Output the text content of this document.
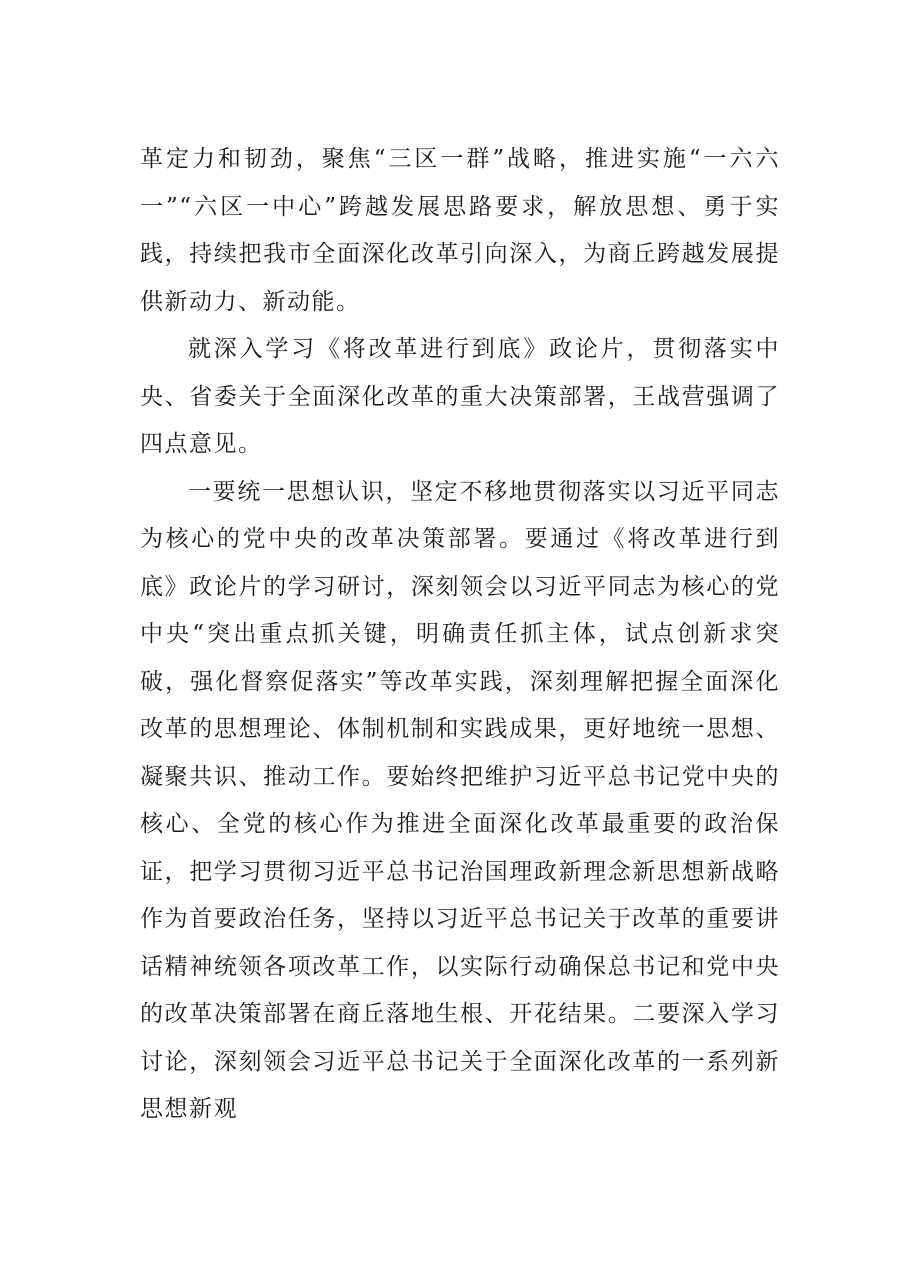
革定力和韧劲，聚焦“三区一群”战略，推进实施“一六六一”“六区一中心”跨越发展思路要求，解放思想、勇于实践，持续把我市全面深化改革引向深入，为商丘跨越发展提供新动力、新动能。

就深入学习《将改革进行到底》政论片，贯彻落实中央、省委关于全面深化改革的重大决策部署，王战营强调了四点意见。

一要统一思想认识，坚定不移地贯彻落实以习近平同志为核心的党中央的改革决策部署。要通过《将改革进行到底》政论片的学习研讨，深刻领会以习近平同志为核心的党中央“突出重点抓关键，明确责任抓主体，试点创新求突破，强化督察促落实”等改革实践，深刻理解把握全面深化改革的思想理论、体制机制和实践成果，更好地统一思想、凝聚共识、推动工作。要始终把维护习近平总书记党中央的核心、全党的核心作为推进全面深化改革最重要的政治保证，把学习贯彻习近平总书记治国理政新理念新思想新战略作为首要政治任务，坚持以习近平总书记关于改革的重要讲话精神统领各项改革工作，以实际行动确保总书记和党中央的改革决策部署在商丘落地生根、开花结果。二要深入学习讨论，深刻领会习近平总书记关于全面深化改革的一系列新思想新观
